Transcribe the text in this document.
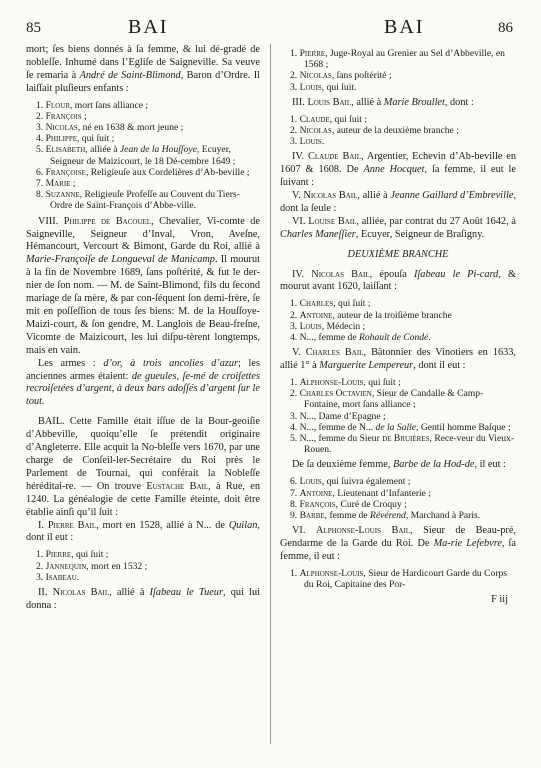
85	BAI	BAI	86

mort; ſes biens donnés à ſa femme, & lui dé-gradé de nobleſſe. Inhumé dans l’Egliſe de Saigneville. Sa veuve ſe remaria à André de Saint-Blimond, Baron d’Ordre. Il laiſſait pluſieurs enfants :

1. Flour, mort ſans alliance ;
2. François ;
3. Nicolas, né en 1638 & mort jeune ;
4. Philippe, qui ſuit ;
5. Elisabeth, alliée à Jean de la Houſſoye, Ecuyer, Seigneur de Maizicourt, le 18 Dé-cembre 1649 ;
6. Françoise, Religieuſe aux Cordelières d’Ab-beville ;
7. Marie ;
8. Suzanne, Religieuſe Profeſſe au Couvent du Tiers-Ordre de Saint-François d’Abbe-ville.

VIII. Philippe de Bacouel, Chevalier, Vi-comte de Saigneville, Seigneur d’Inval, Vron, Aveſne, Hémancourt, Vercourt & Bimont, Garde du Roi, allié à Marie-Françoiſe de Longueval de Manicamp. Il mourut à la fin de Novembre 1689, ſans poſtérité, & fut le der-nier de ſon nom. — M. de Saint-Blimond, fils du ſecond mariage de ſa mère, & par con-ſéquent ſon demi-frère, ſe mit en poſſeſſion de tous ſes biens: M. de la Houſſoye-Maizi-court, & ſon gendre, M. Langlois de Beau-freſne, Vicomte de Maizicourt, les lui diſpu-tèrent longtemps, mais en vain.

Les armes : d’or, à trois ancolies d’azur; les anciennes armes étaient: de gueules, ſe-mé de croiſettes recroiſetées d’argent, à deux bars adoſſés d’argent ſur le tout.

BAIL. Cette Famille était iſſue de la Bour-geoiſie d’Abbeville, quoiqu’elle ſe prétendit originaire d’Angleterre. Elle acquit la No-bleſſe vers 1670, par une charge de Conſeil-ler-Secrétaire du Roi près le Parlement de Tournai, qui conférait la Nobleſſe héréditai-re. — On trouve Eustache Bail, à Rue, en 1240. La généalogie de cette Famille éteinte, doit être établie ainſi qu’il ſuit :

I. Pierre Bail, mort en 1528, allié à N... de Quilan, dont il eut :

1. Pierre, qui ſuit ;
2. Jannequin, mort en 1532 ;
3. Isabeau.

II. Nicolas Bail, allié à Iſabeau le Tueur, qui lui donna :

1. Pierre, Juge-Royal au Grenier au Sel d’Abbeville, en 1568 ;
2. Nicolas, ſans poſtérité ;
3. Louis, qui ſuit.

III. Louis Bail, allié à Marie Broullet, dont :

1. Claude, qui ſuit ;
2. Nicolas, auteur de la deuxième branche ;
3. Louis.

IV. Claude Bail, Argentier, Echevin d’Ab-beville en 1607 & 1608. De Anne Hocquet, ſa femme, il eut le ſuivant :

V. Nicolas Bail, allié à Jeanne Gaillard d’Embreville, dont la ſeule :

VI. Louise Bail, alliée, par contrat du 27 Août 1642, à Charles Maneſſier, Ecuyer, Seigneur de Braſigny.

DEUXIÈME BRANCHE

IV. Nicolas Bail, épouſa Iſabeau le Pi-card, & mourut avant 1620, laiſſant :

1. Charles, qui ſuit ;
2. Antoine, auteur de la troiſième branche
3. Louis, Médecin ;
4. N..., femme de Rohault de Condé.

V. Charles Bail, Bâtonnier des Vinotiers en 1633, allié 1° à Marguerite Lempereur, dont il eut :

1. Alphonse-Louis, qui ſuit ;
2. Charles Octavien, Sieur de Candalle & Camp-Fontaine, mort ſans alliance ;
3. N..., Dame d’Epagne ;
4. N..., femme de N... de la Salle, Gentil homme Baſque ;
5. N..., femme du Sieur de Bruières, Rece-veur du Vieux-Rouen.

De ſa deuxième femme, Barbe de la Hod-de, il eut :

6. Louis, qui ſuivra également ;
7. Antoine, Lieutenant d’Infanterie ;
8. François, Curé de Croquy ;
9. Barbe, femme de Révérend, Marchand à Paris.

VI. Alphonse-Louis Bail, Sieur de Beau-pré, Gendarme de la Garde du Roi. De Ma-rie Lefebvre, ſa femme, il eut :

1. Alphonse-Louis, Sieur de Hardicourt Garde du Corps du Roi, Capitaine des Por-

F iij
